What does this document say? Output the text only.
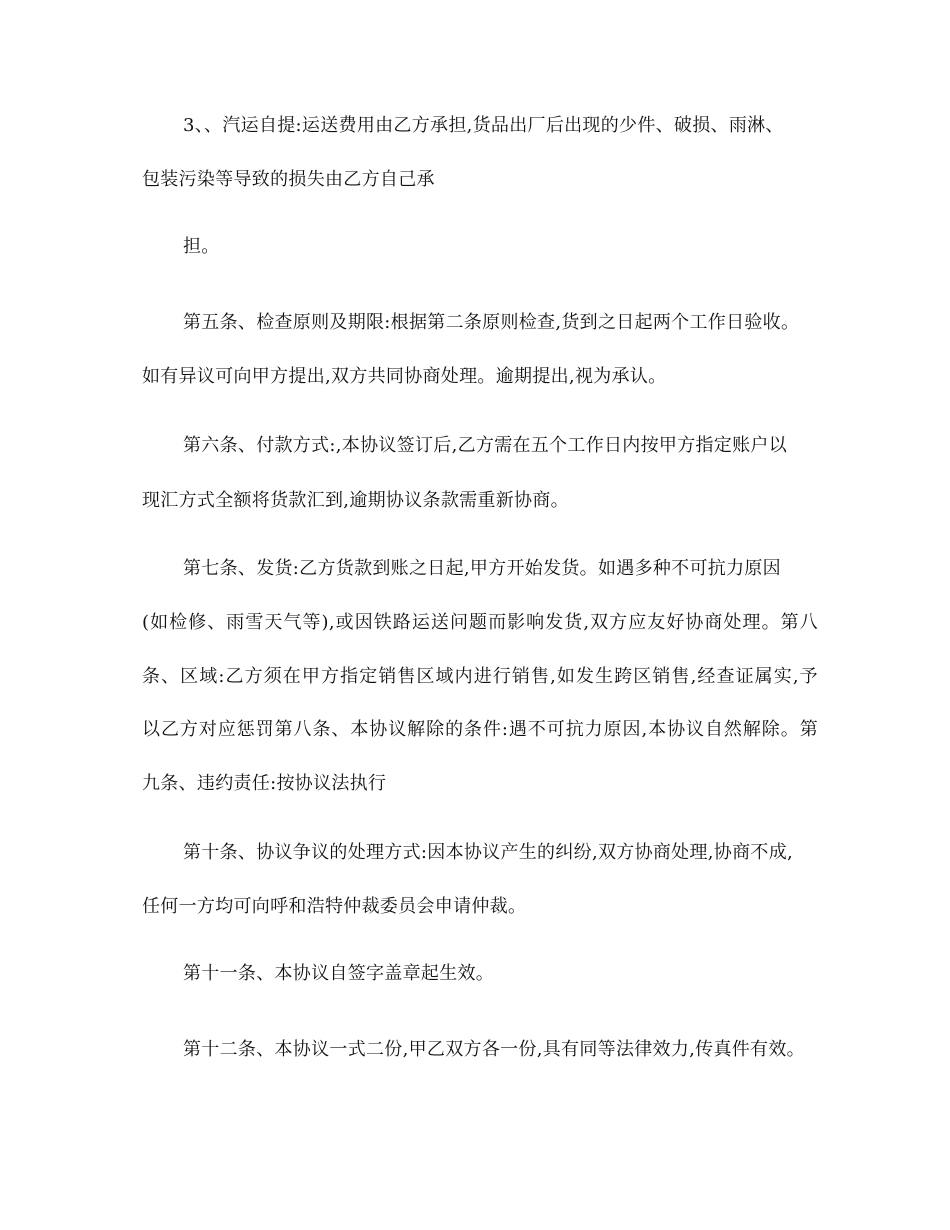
3、、汽运自提:运送费用由乙方承担,货品出厂后出现的少件、破损、雨淋、
包装污染等导致的损失由乙方自己承
担。
第五条、检查原则及期限:根据第二条原则检查,货到之日起两个工作日验收。
如有异议可向甲方提出,双方共同协商处理。逾期提出,视为承认。
第六条、付款方式:,本协议签订后,乙方需在五个工作日内按甲方指定账户以
现汇方式全额将货款汇到,逾期协议条款需重新协商。
第七条、发货:乙方货款到账之日起,甲方开始发货。如遇多种不可抗力原因
(如检修、雨雪天气等),或因铁路运送问题而影响发货,双方应友好协商处理。第八
条、区域:乙方须在甲方指定销售区域内进行销售,如发生跨区销售,经查证属实,予
以乙方对应惩罚第八条、本协议解除的条件:遇不可抗力原因,本协议自然解除。第
九条、违约责任:按协议法执行
第十条、协议争议的处理方式:因本协议产生的纠纷,双方协商处理,协商不成,
任何一方均可向呼和浩特仲裁委员会申请仲裁。
第十一条、本协议自签字盖章起生效。
第十二条、本协议一式二份,甲乙双方各一份,具有同等法律效力,传真件有效。
